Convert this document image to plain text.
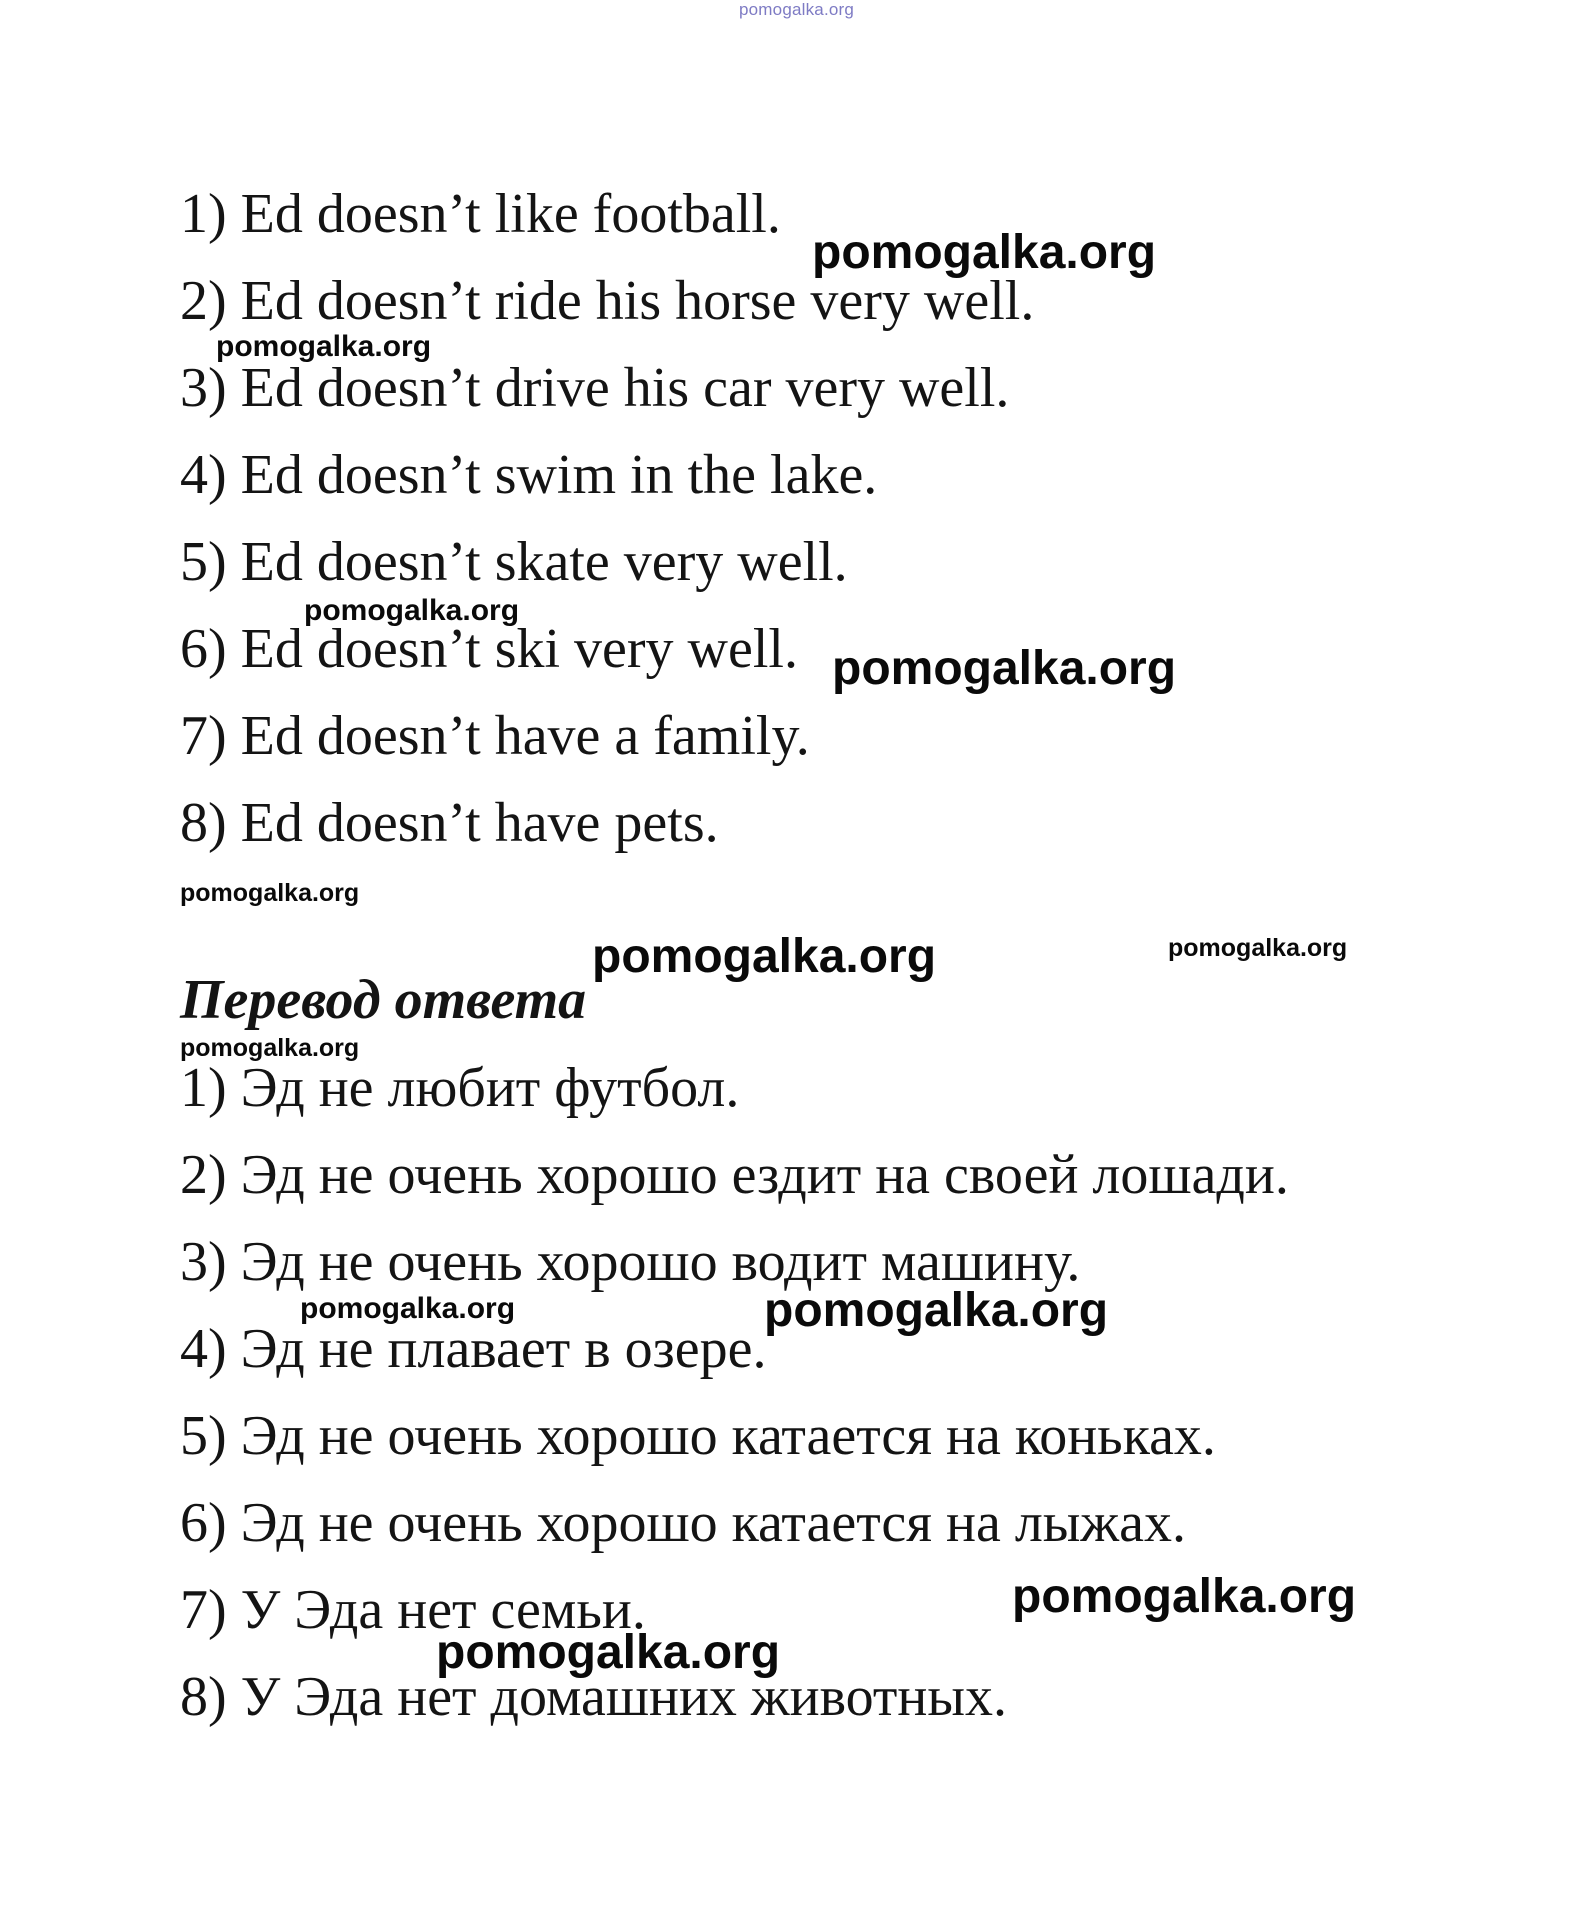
pomogalka.org
1) Ed doesn’t like football.
2) Ed doesn’t ride his horse very well.
3) Ed doesn’t drive his car very well.
4) Ed doesn’t swim in the lake.
5) Ed doesn’t skate very well.
6) Ed doesn’t ski very well.
7) Ed doesn’t have a family.
8) Ed doesn’t have pets.
Перевод ответа
1) Эд не любит футбол.
2) Эд не очень хорошо ездит на своей лошади.
3) Эд не очень хорошо водит машину.
4) Эд не плавает в озере.
5) Эд не очень хорошо катается на коньках.
6) Эд не очень хорошо катается на лыжах.
7) У Эда нет семьи.
8) У Эда нет домашних животных.
pomogalka.org
pomogalka.org
pomogalka.org
pomogalka.org
pomogalka.org
pomogalka.org	pomogalka.org
pomogalka.org
pomogalka.org	pomogalka.org
pomogalka.org
pomogalka.org
